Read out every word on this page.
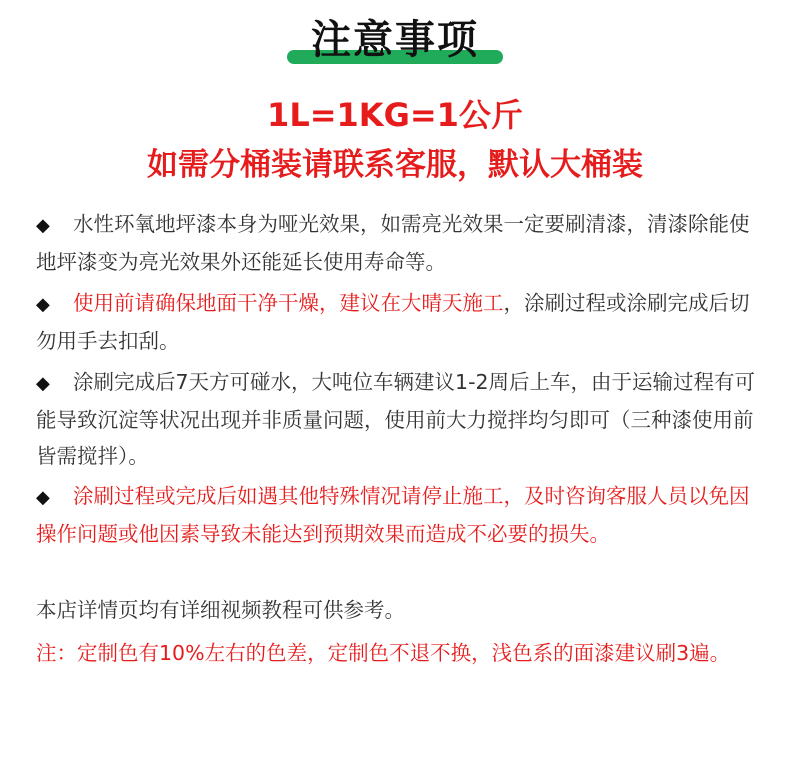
注意事项
1L=1KG=1公斤
如需分桶装请联系客服，默认大桶装

◆ 水性环氧地坪漆本身为哑光效果，如需亮光效果一定要刷清漆，清漆除能使地坪漆变为亮光效果外还能延长使用寿命等。

◆ 使用前请确保地面干净干燥，建议在大晴天施工，涂刷过程或涂刷完成后切勿用手去扣刮。

◆ 涂刷完成后7天方可碰水，大吨位车辆建议1-2周后上车，由于运输过程有可能导致沉淀等状况出现并非质量问题，使用前大力搅拌均匀即可（三种漆使用前皆需搅拌）。

◆ 涂刷过程或完成后如遇其他特殊情况请停止施工，及时咨询客服人员以免因操作问题或他因素导致未能达到预期效果而造成不必要的损失。

本店详情页均有详细视频教程可供参考。

注：定制色有10%左右的色差，定制色不退不换，浅色系的面漆建议刷3遍。
